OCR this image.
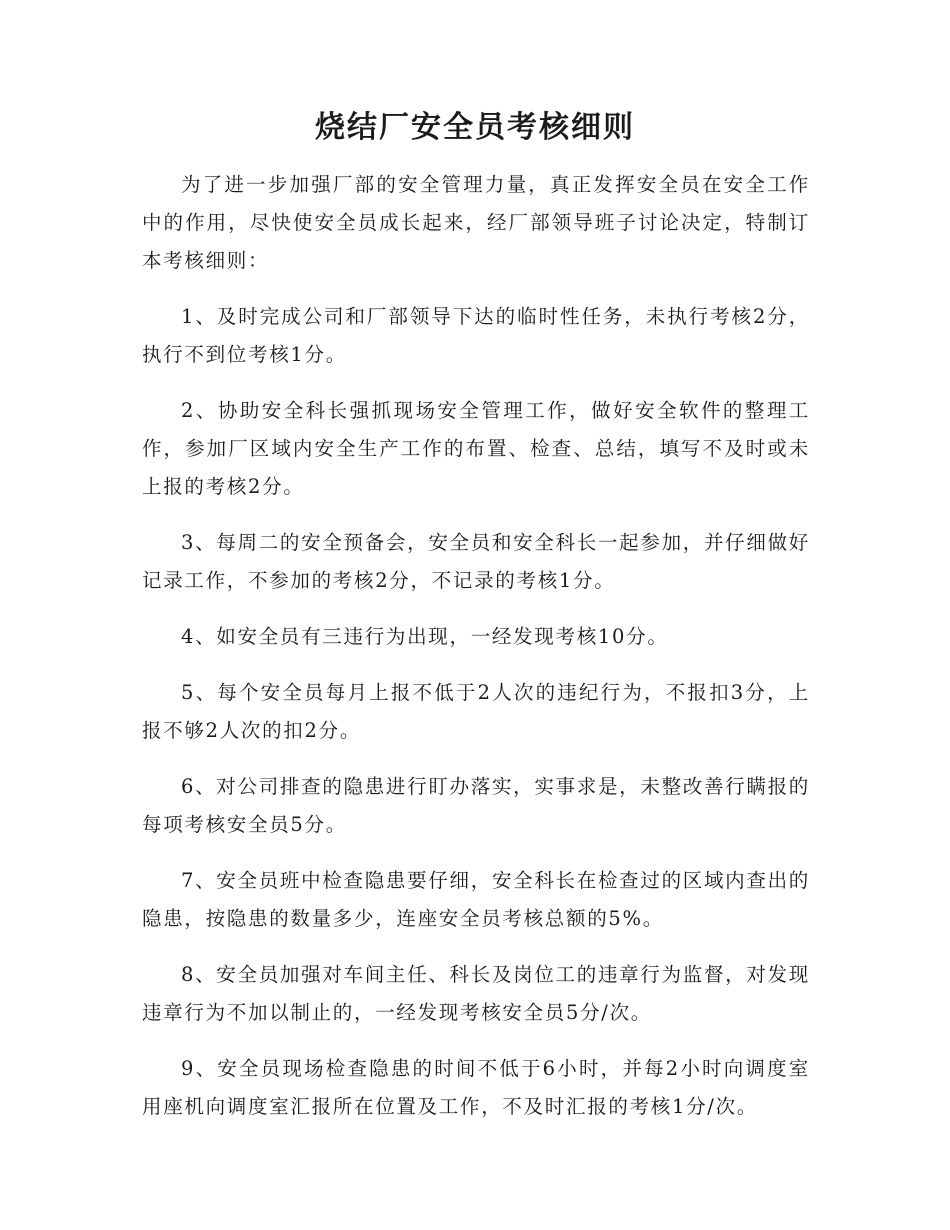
烧结厂安全员考核细则

为了进一步加强厂部的安全管理力量，真正发挥安全员在安全工作中的作用，尽快使安全员成长起来，经厂部领导班子讨论决定，特制订本考核细则：

1、及时完成公司和厂部领导下达的临时性任务，未执行考核2分，执行不到位考核1分。

2、协助安全科长强抓现场安全管理工作，做好安全软件的整理工作，参加厂区域内安全生产工作的布置、检查、总结，填写不及时或未上报的考核2分。

3、每周二的安全预备会，安全员和安全科长一起参加，并仔细做好记录工作，不参加的考核2分，不记录的考核1分。

4、如安全员有三违行为出现，一经发现考核10分。

5、每个安全员每月上报不低于2人次的违纪行为，不报扣3分，上报不够2人次的扣2分。

6、对公司排查的隐患进行盯办落实，实事求是，未整改善行瞒报的每项考核安全员5分。

7、安全员班中检查隐患要仔细，安全科长在检查过的区域内查出的隐患，按隐患的数量多少，连座安全员考核总额的5%。

8、安全员加强对车间主任、科长及岗位工的违章行为监督，对发现违章行为不加以制止的，一经发现考核安全员5分/次。

9、安全员现场检查隐患的时间不低于6小时，并每2小时向调度室用座机向调度室汇报所在位置及工作，不及时汇报的考核1分/次。
